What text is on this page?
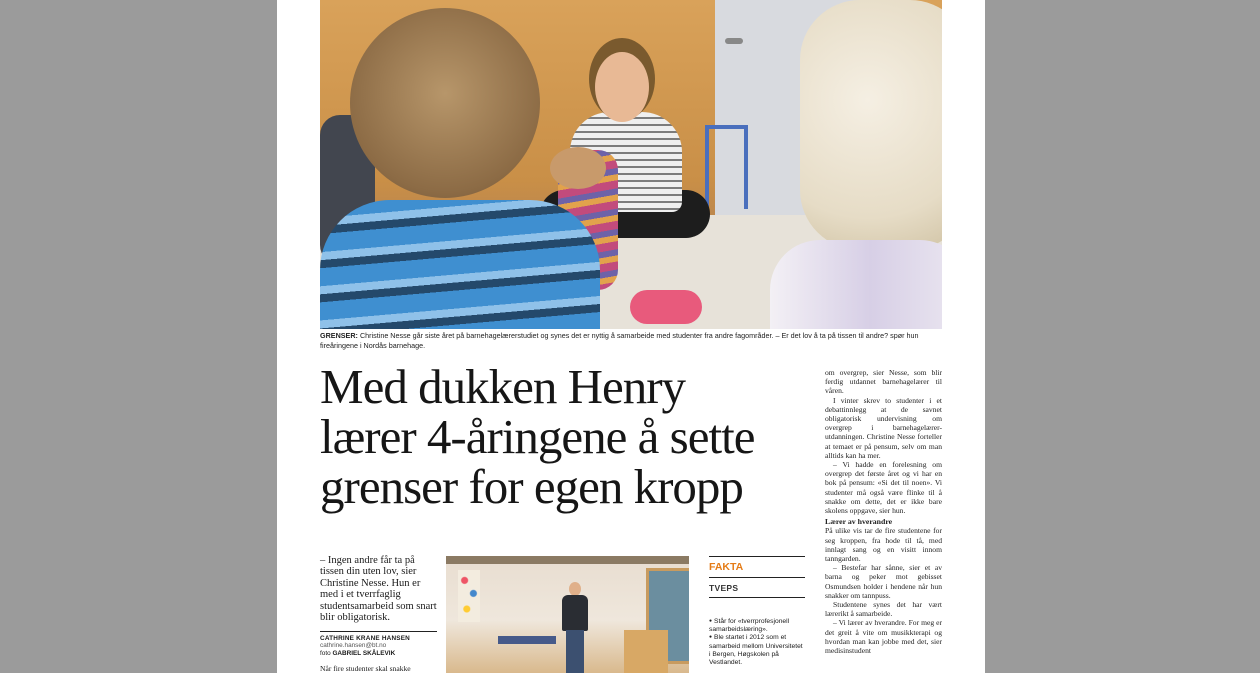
GRENSER: Christine Nesse går siste året på barnehagelærerstudiet og synes det er nyttig å samarbeide med studenter fra andre fagområder. – Er det lov å ta på tissen til andre? spør hun fireåringene i Nordås barnehage.
Med dukken Henry
lærer 4-åringene å sette
grenser for egen kropp
– Ingen andre får ta på tissen din uten lov, sier Christine Nesse. Hun er med i et tverrfaglig studentsamarbeid som snart blir obligatorisk.
CATHRINE KRANE HANSEN
cathrine.hansen@bt.no
foto GABRIEL SKÅLEVIK
Når fire studenter skal snakke
FAKTA
TVEPS
● Står for «tverrprofesjonell samarbeidslæring».
● Ble startet i 2012 som et samarbeid mellom Universitetet i Bergen, Høgskolen på Vestlandet.

om overgrep, sier Nesse, som blir ferdig utdannet barnehagelærer til våren.

I vinter skrev to studenter i et debattinnlegg at de savnet obligatorisk undervisning om overgrep i barnehagelærer-utdanningen. Christine Nesse forteller at temaet er på pensum, selv om man alltids kan ha mer.

– Vi hadde en forelesning om overgrep det første året og vi har en bok på pensum: «Si det til noen». Vi studenter må også være flinke til å snakke om dette, det er ikke bare skolens oppgave, sier hun.

Lærer av hverandre

På ulike vis tar de fire studentene for seg kroppen, fra hode til tå, med innlagt sang og en visitt innom tanngarden.

– Bestefar har sånne, sier et av barna og peker mot gebisset Osmundsen holder i hendene når hun snakker om tannpuss.

Studentene synes det har vært lærerikt å samarbeide.

– Vi lærer av hverandre. For meg er det greit å vite om musikkterapi og hvordan man kan jobbe med det, sier medisinstudent
